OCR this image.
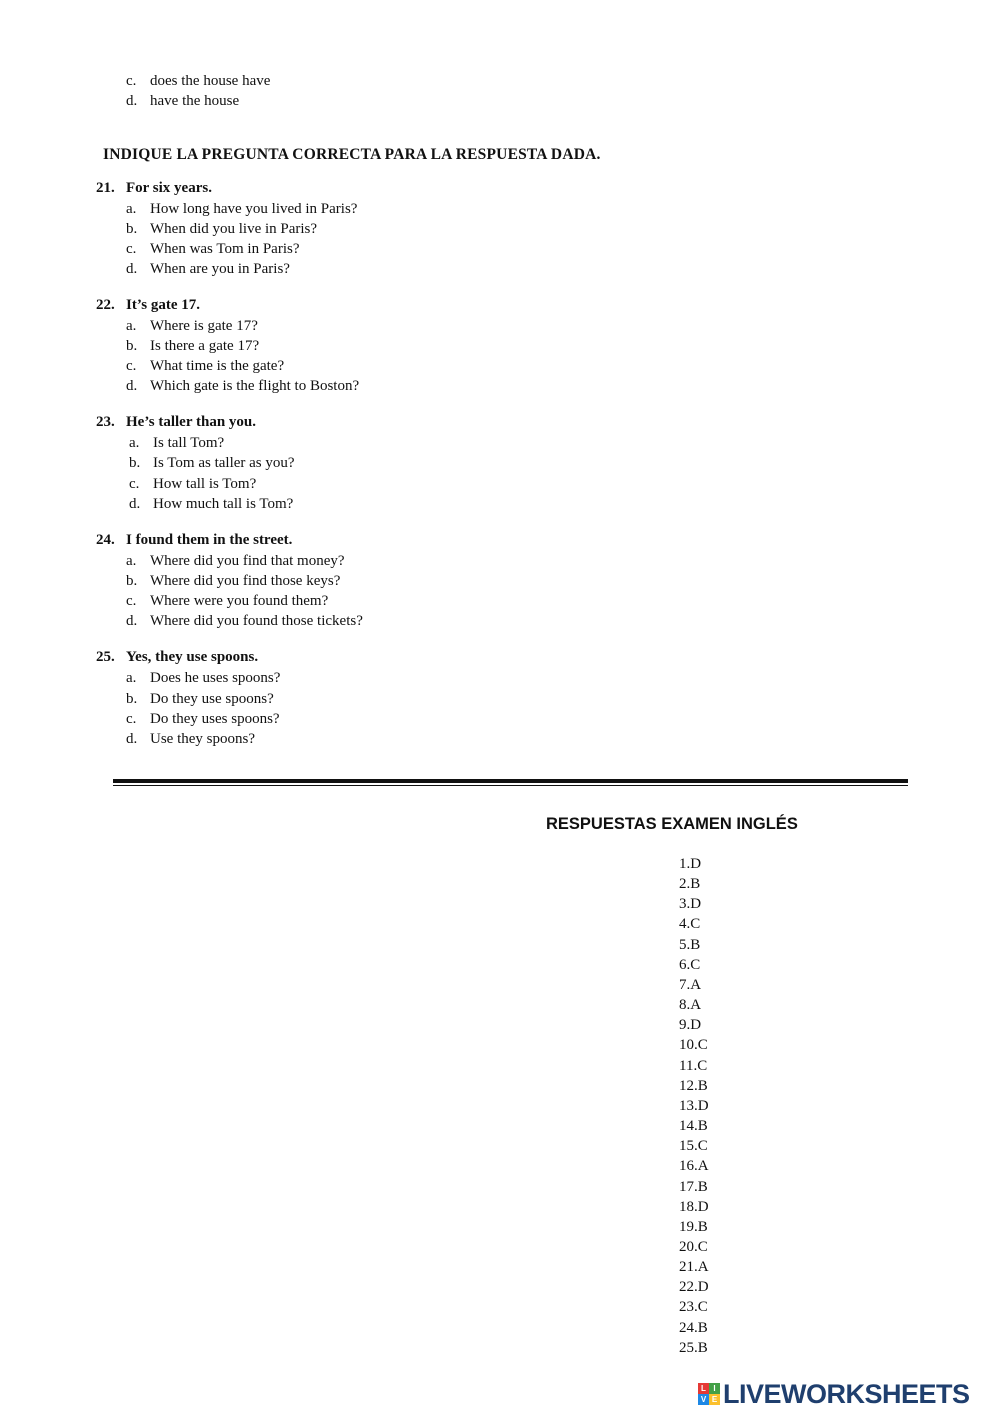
c. does the house have
d. have the house
INDIQUE LA PREGUNTA CORRECTA PARA LA RESPUESTA DADA.
21. For six years.
a. How long have you lived in Paris?
b. When did you live in Paris?
c. When was Tom in Paris?
d. When are you in Paris?
22. It’s gate 17.
a. Where is gate 17?
b. Is there a gate 17?
c. What time is the gate?
d. Which gate is the flight to Boston?
23. He’s taller than you.
a. Is tall Tom?
b. Is Tom as taller as you?
c. How tall is Tom?
d. How much tall is Tom?
24. I found them in the street.
a. Where did you find that money?
b. Where did you find those keys?
c. Where were you found them?
d. Where did you found those tickets?
25. Yes, they use spoons.
a. Does he uses spoons?
b. Do they use spoons?
c. Do they uses spoons?
d. Use they spoons?
RESPUESTAS EXAMEN INGLÉS
1.D
2.B
3.D
4.C
5.B
6.C
7.A
8.A
9.D
10.C
11.C
12.B
13.D
14.B
15.C
16.A
17.B
18.D
19.B
20.C
21.A
22.D
23.C
24.B
25.B
L I
V E LIVEWORKSHEETS
